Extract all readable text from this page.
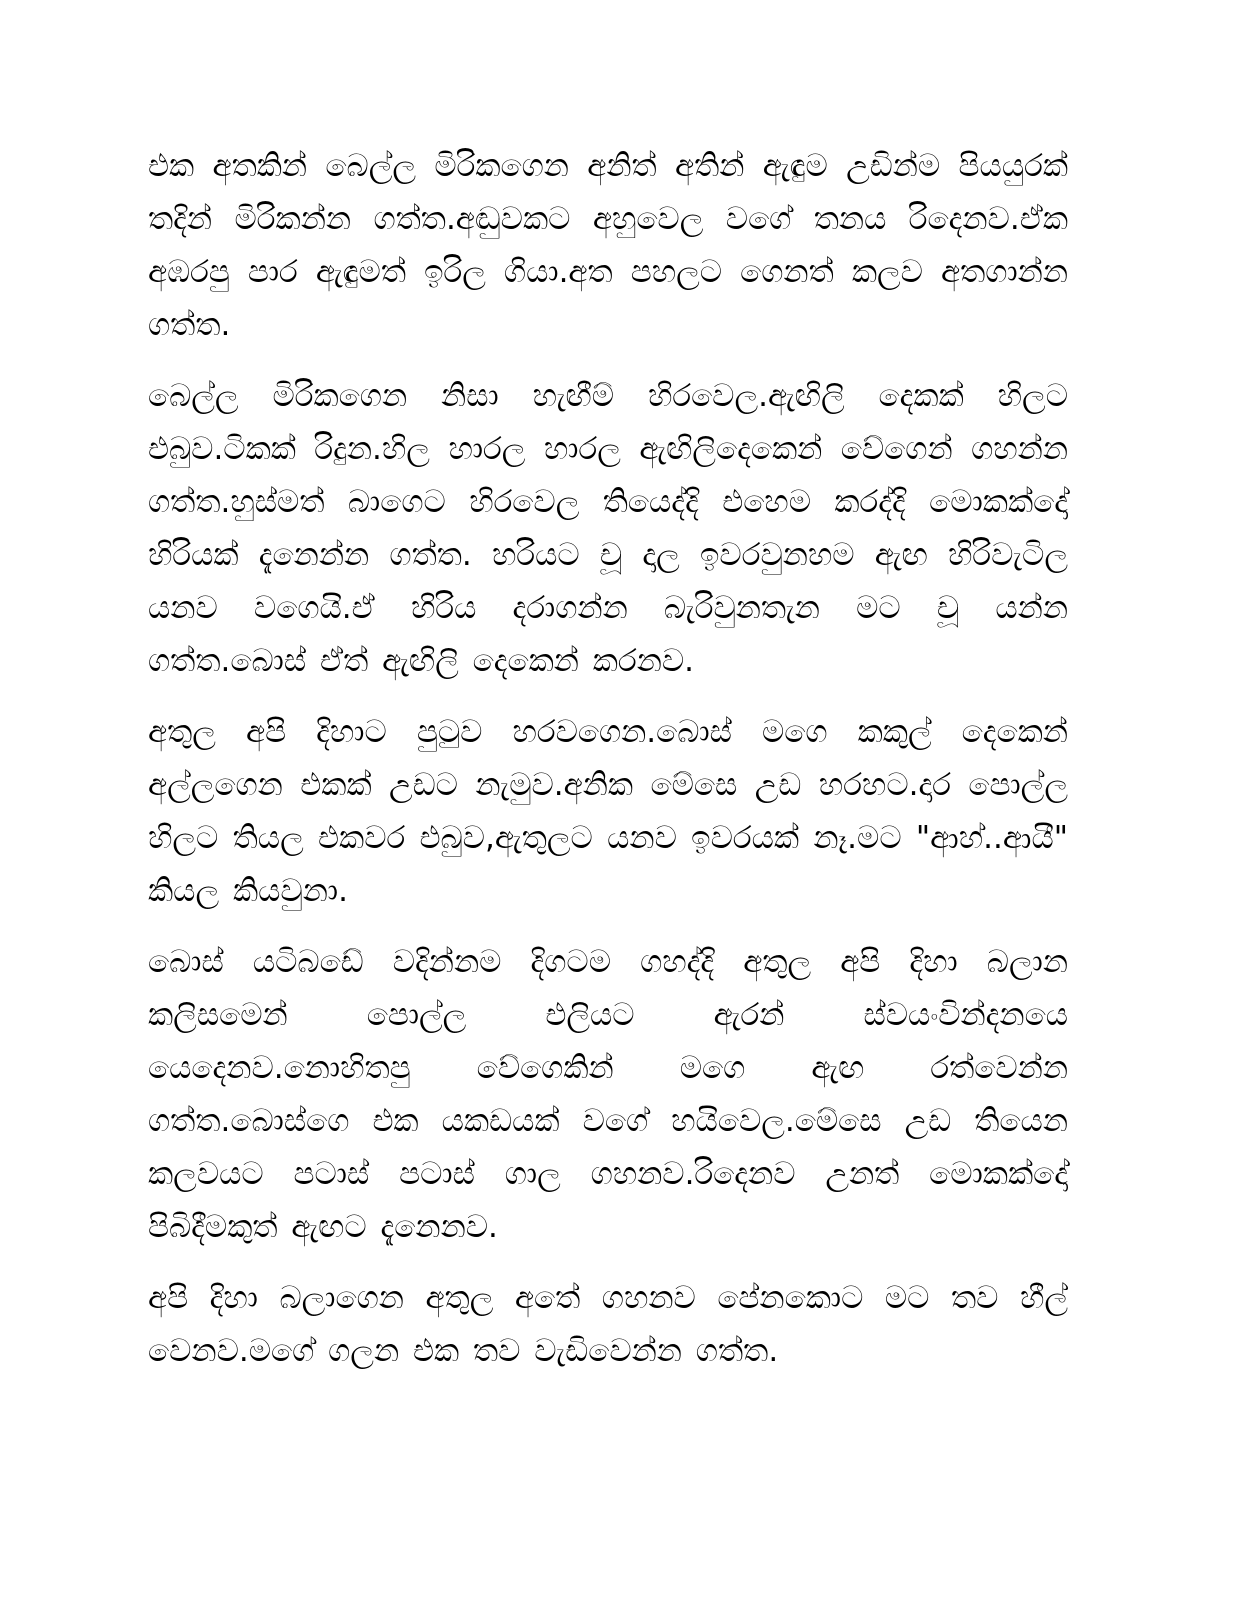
එක අතකින් බෙල්ල මිරිකගෙන අනිත් අතින් ඇඳුම උඩින්ම පියයුරක් තදින් මිරිකන්න ගත්ත.අඬුවකට අහුවෙල වගේ තනය රිදෙනව.ඒක අඹරපු පාර ඇඳුමත් ඉරිල ගියා.අත පහලට ගෙනත් කලව අතගාන්න ගත්ත.

බෙල්ල මිරිකගෙන නිසා හැඟීම් හිරවෙල.ඇඟිලි දෙකක් හිලට එබුව.ටිකක් රිදුන.හිල හාරල හාරල ඇඟිලිදෙකෙන් වේගෙන් ගහන්න ගත්ත.හුස්මත් බාගෙට හිරවෙල තියෙද්දි එහෙම කරද්දි මොකක්දෝ හිරියක් දැනෙන්න ගත්ත. හරියට චූ දාල ඉවරවුනහම ඇඟ හිරිවැටිල යනව වගෙයි.ඒ හිරිය දරාගන්න බැරිවුනතැන මට චූ යන්න ගත්ත.බොස් ඒත් ඇඟිලි දෙකෙන් කරනව.

අතුල අපි දිහාට පුටුව හරවගෙන.බොස් මගෙ කකුල් දෙකෙන් අල්ලගෙන එකක් උඩට නැමුව.අනික මේසෙ උඩ හරහට.දාර පොල්ල හිලට තියල එකවර එබුව,ඇතුලට යනව ඉවරයක් නෑ.මට "ආහ්..ආයී" කියල කියවුනා.

බොස් යටිබඩේ වදින්නම දිගටම ගහද්දි අතුල අපි දිහා බලාන කලිසමෙන් පොල්ල එලියට ඇරන් ස්වයංවින්දනයෙ යෙදෙනව.නොහිතපු වේගෙකින් මගෙ ඇඟ රත්වෙන්න ගත්ත.බොස්ගෙ එක යකඩයක් වගේ හයිවෙල.මේසෙ උඩ තියෙන කලවයට පටාස් පටාස් ගාල ගහනව.රිදෙනව උනත් මොකක්දෝ පිබිදීමකුත් ඇඟට දැනෙනව.

අපි දිහා බලාගෙන අතුල අතේ ගහනව පේනකොට මට තව හීල් වෙනව.මගේ ගලන එක තව වැඩිවෙන්න ගත්ත.
